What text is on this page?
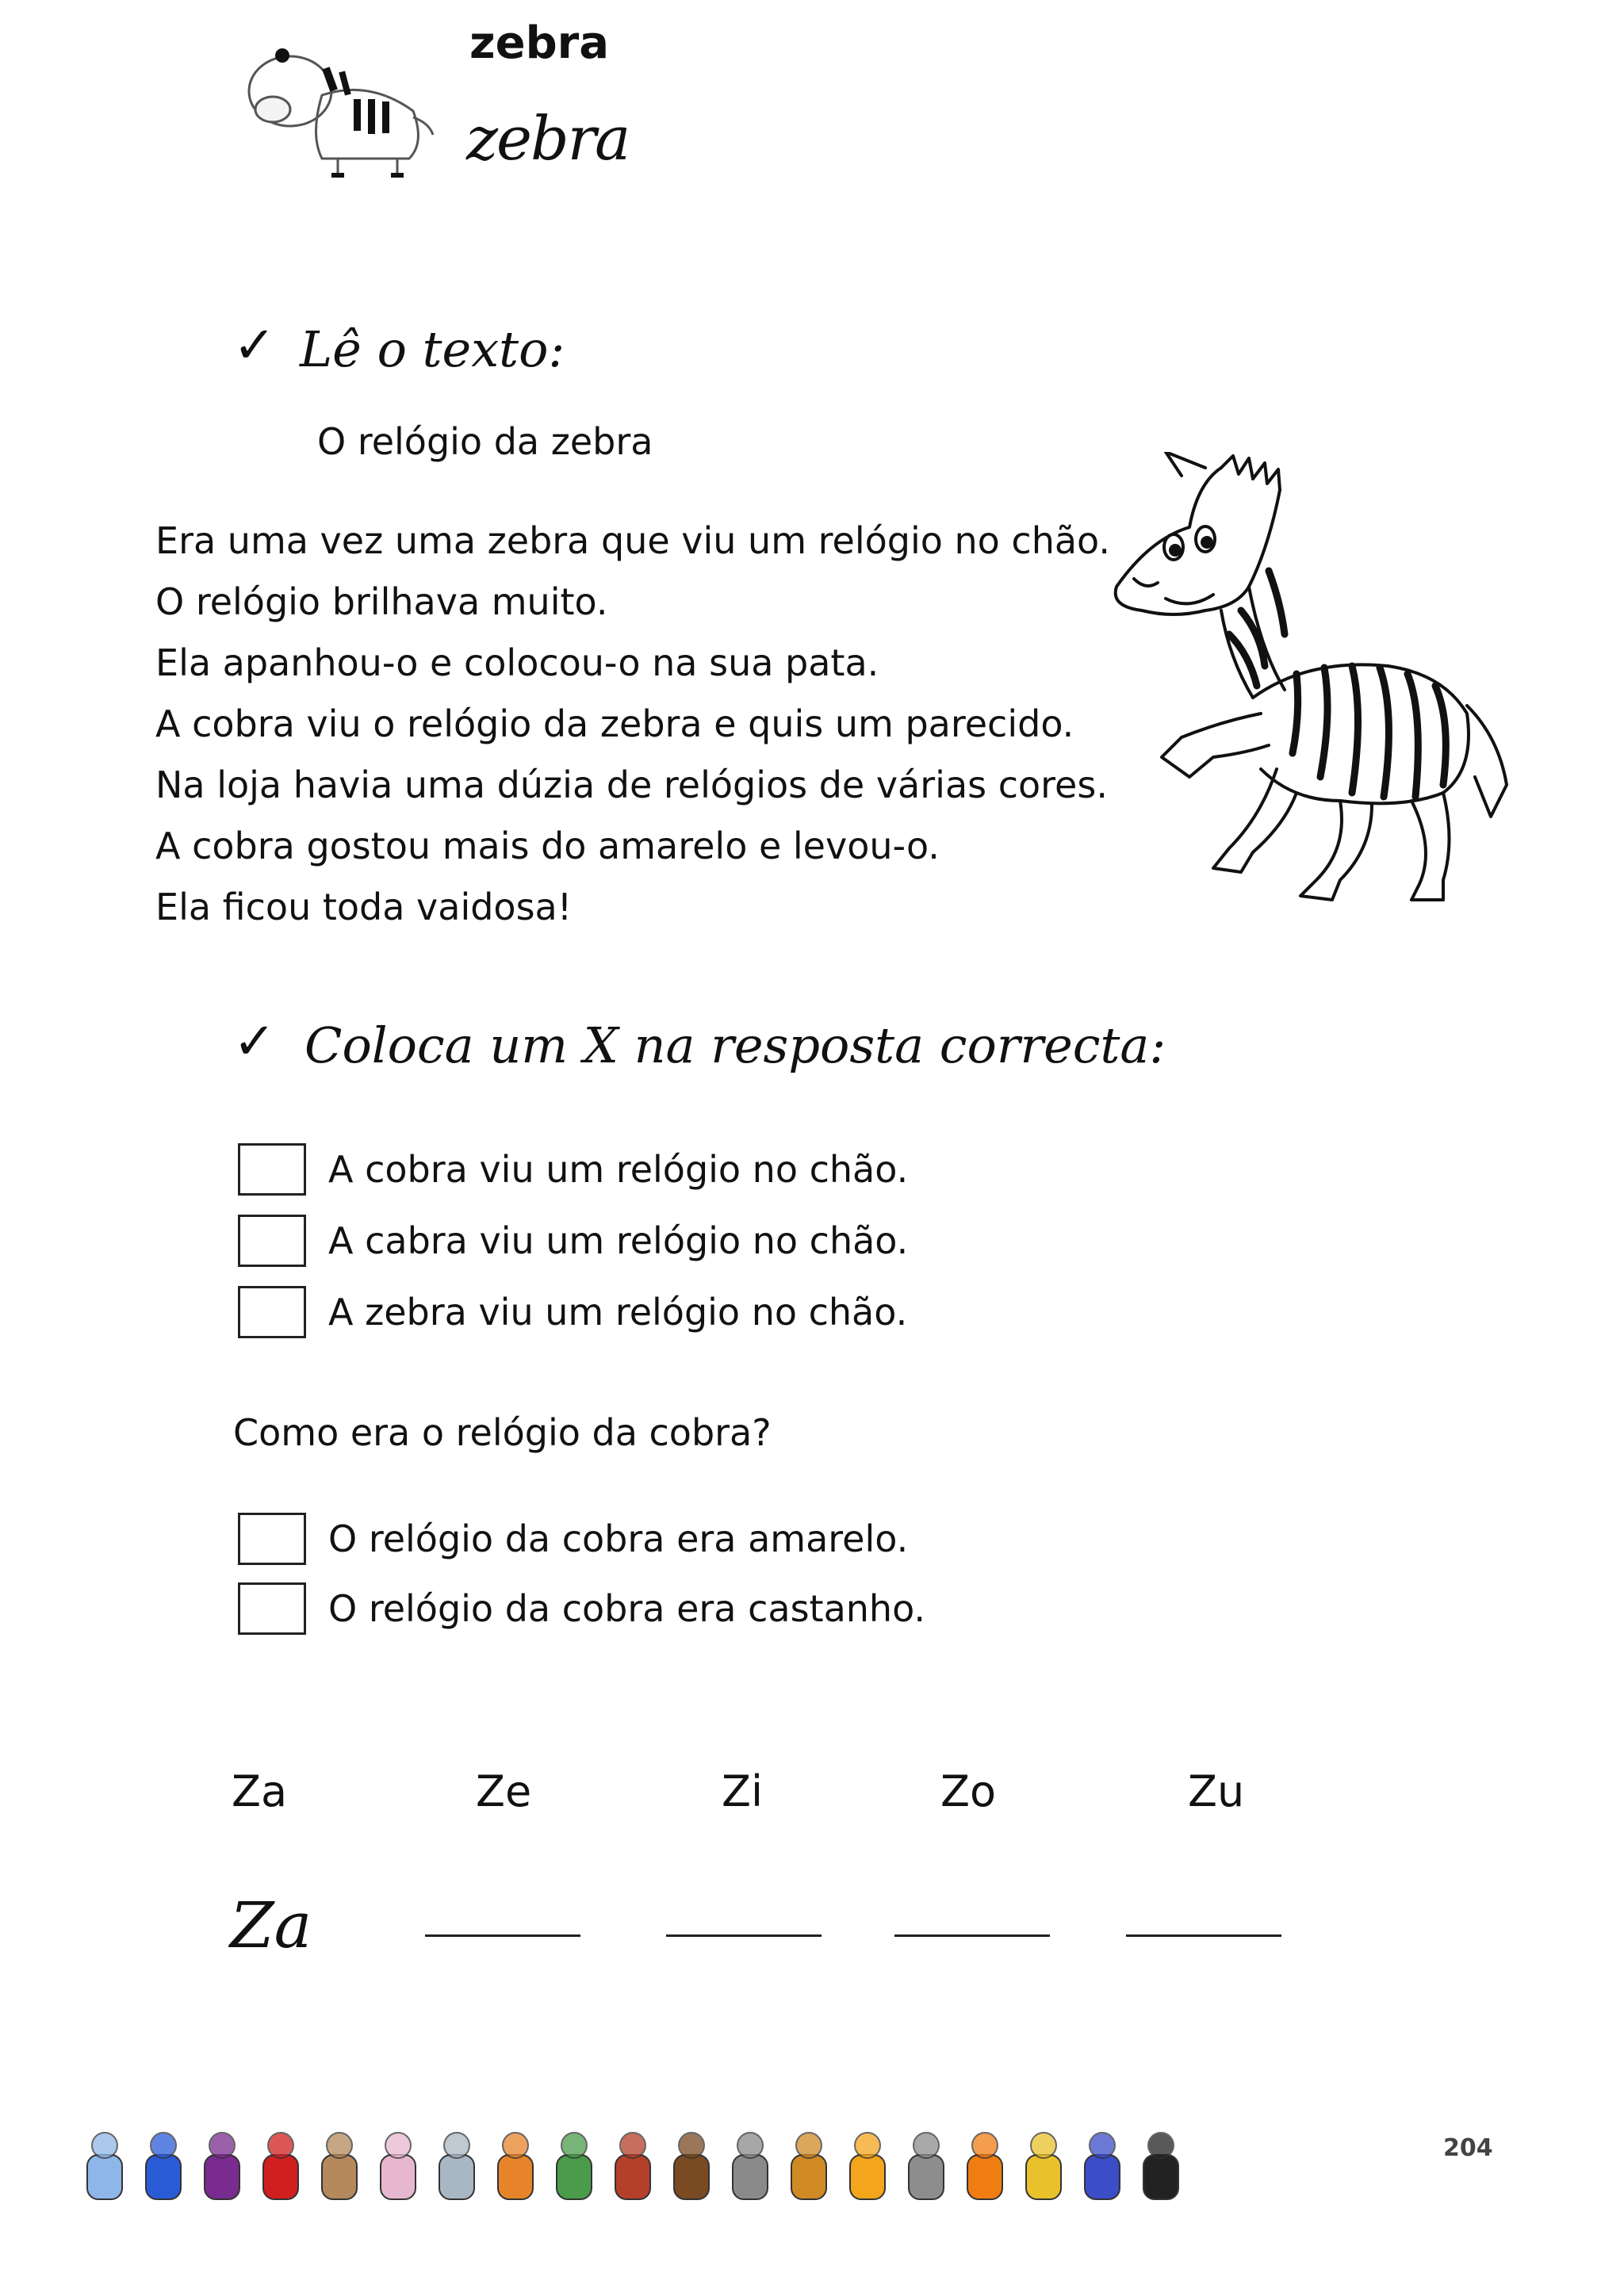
zebra
zebra
✓ Lê o texto:
O relógio da zebra
Era uma vez uma zebra que viu um relógio no chão.
O relógio brilhava muito.
Ela apanhou-o e colocou-o na sua pata.
A cobra viu o relógio da zebra e quis um parecido.
Na loja havia uma dúzia de relógios de várias cores.
A cobra gostou mais do amarelo e levou-o.
Ela ficou toda vaidosa!
✓ Coloca um X na resposta correcta:
A cobra viu um relógio no chão.
A cabra viu um relógio no chão.
A zebra viu um relógio no chão.
Como era o relógio da cobra?
O relógio da cobra era amarelo.
O relógio da cobra era castanho.
Za	Ze	Zi	Zo	Zu
Za
204
